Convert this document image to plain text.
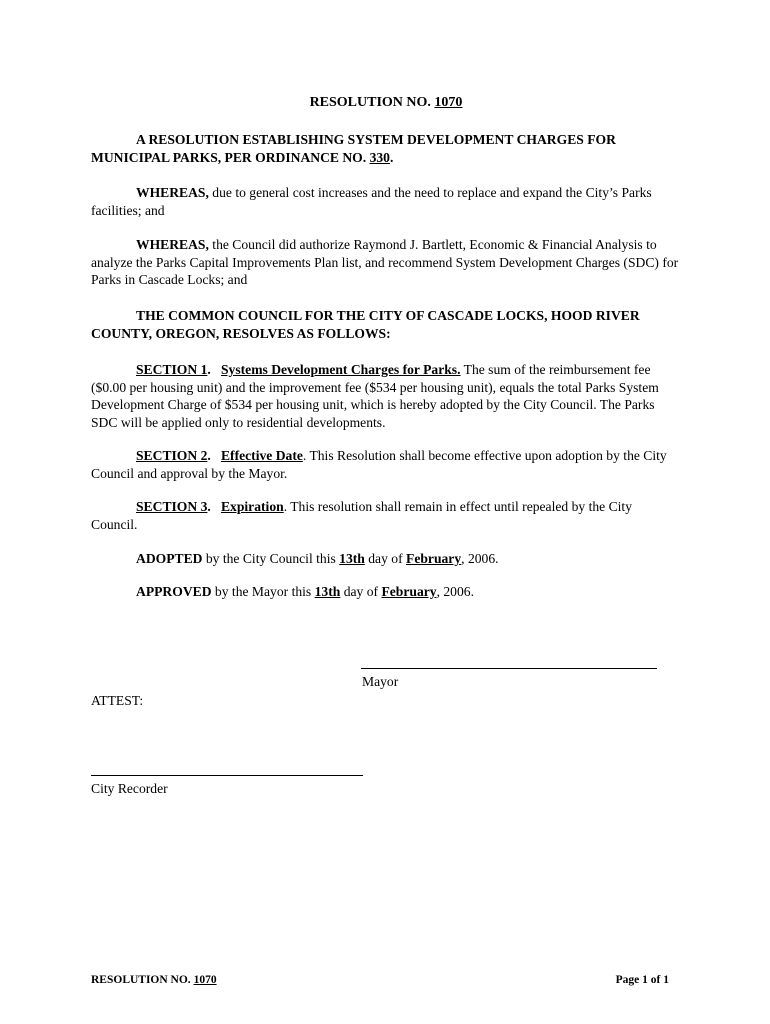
RESOLUTION NO. 1070

A RESOLUTION ESTABLISHING SYSTEM DEVELOPMENT CHARGES FOR MUNICIPAL PARKS, PER ORDINANCE NO. 330.

WHEREAS, due to general cost increases and the need to replace and expand the City’s Parks facilities; and

WHEREAS, the Council did authorize Raymond J. Bartlett, Economic & Financial Analysis to analyze the Parks Capital Improvements Plan list, and recommend System Development Charges (SDC) for Parks in Cascade Locks; and

THE COMMON COUNCIL FOR THE CITY OF CASCADE LOCKS, HOOD RIVER COUNTY, OREGON, RESOLVES AS FOLLOWS:

SECTION 1.   Systems Development Charges for Parks. The sum of the reimbursement fee ($0.00 per housing unit) and the improvement fee ($534 per housing unit), equals the total Parks System Development Charge of $534 per housing unit, which is hereby adopted by the City Council. The Parks SDC will be applied only to residential developments.

SECTION 2.   Effective Date. This Resolution shall become effective upon adoption by the City Council and approval by the Mayor.

SECTION 3.   Expiration. This resolution shall remain in effect until repealed by the City Council.

ADOPTED by the City Council this 13th day of February, 2006.

APPROVED by the Mayor this 13th day of February, 2006.

Mayor
ATTEST:
City Recorder
RESOLUTION NO. 1070	Page 1 of 1
